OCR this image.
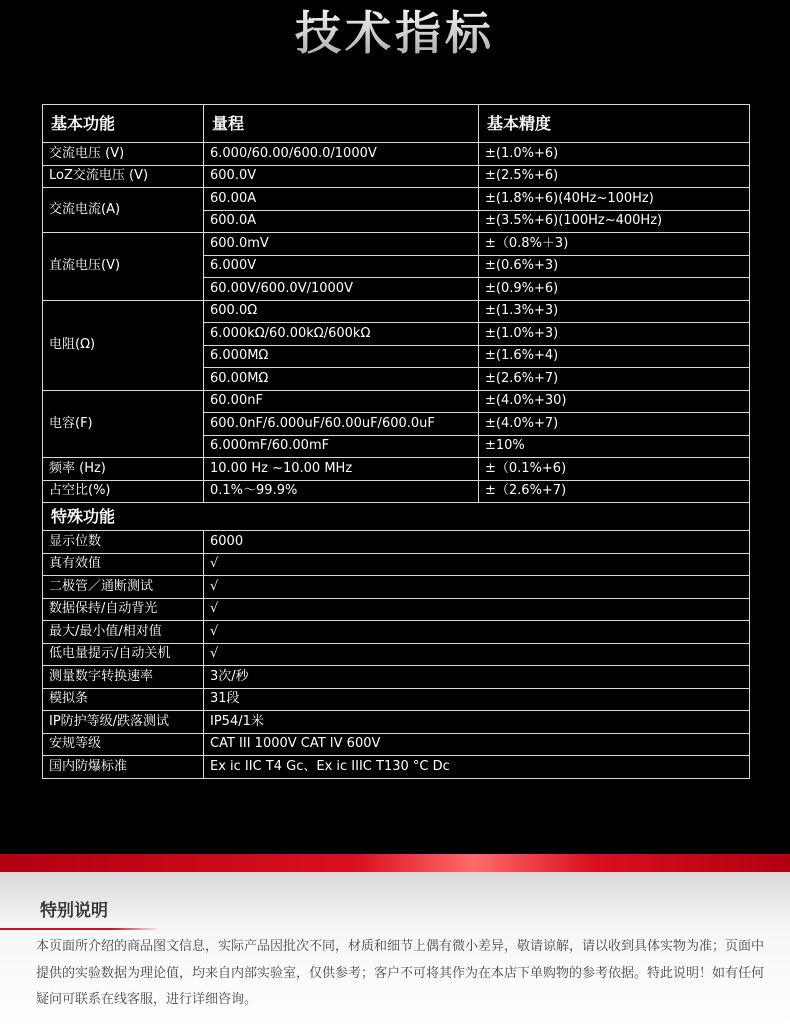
技术指标
基本功能	量程	基本精度
交流电压 (V)	6.000/60.00/600.0/1000V	±(1.0%+6)
LoZ交流电压 (V)	600.0V	±(2.5%+6)
交流电流(A)	60.00A	±(1.8%+6)(40Hz~100Hz)
	600.0A	±(3.5%+6)(100Hz~400Hz)
直流电压(V)	600.0mV	±（0.8%＋3)
	6.000V	±(0.6%+3)
	60.00V/600.0V/1000V	±(0.9%+6)
电阻(Ω)	600.0Ω	±(1.3%+3)
	6.000kΩ/60.00kΩ/600kΩ	±(1.0%+3)
	6.000MΩ	±(1.6%+4)
	60.00MΩ	±(2.6%+7)
电容(F)	60.00nF	±(4.0%+30)
	600.0nF/6.000uF/60.00uF/600.0uF	±(4.0%+7)
	6.000mF/60.00mF	±10%
频率 (Hz)	10.00 Hz ~10.00 MHz	±（0.1%+6)
占空比(%)	0.1%〜99.9%	±（2.6%+7)
特殊功能		
显示位数	6000	
真有效值	√	
二极管／通断测试	√	
数据保持/自动背光	√	
最大/最小值/相对值	√	
低电量提示/自动关机	√	
测量数字转换速率	3次/秒	
模拟条	31段	
IP防护等级/跌落测试	IP54/1米	
安规等级	CAT III 1000V CAT IV 600V	
国内防爆标准	Ex ic IIC T4 Gc、Ex ic IIIC T130 °C Dc	
特别说明
本页面所介绍的商品图文信息，实际产品因批次不同，材质和细节上偶有微小差异，敬请谅解，请以收到具体实物为准；页面中提供的实验数据为理论值，均来自内部实验室，仅供参考；客户不可将其作为在本店下单购物的参考依据。特此说明！如有任何疑问可联系在线客服，进行详细咨询。
